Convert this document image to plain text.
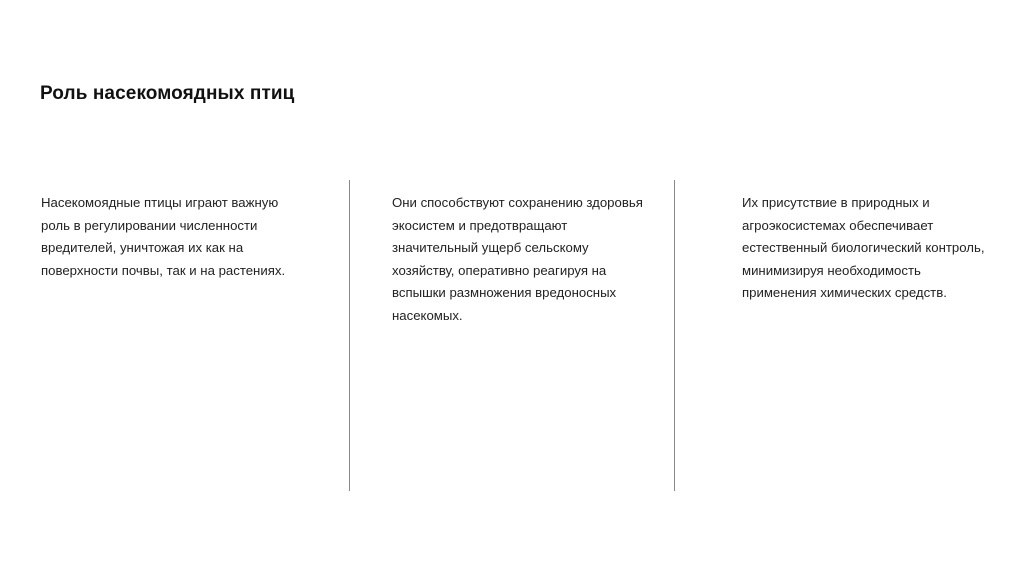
Роль насекомоядных птиц
Насекомоядные птицы играют важную
роль в регулировании численности
вредителей, уничтожая их как на
поверхности почвы, так и на растениях.
Они способствуют сохранению здоровья
экосистем и предотвращают
значительный ущерб сельскому
хозяйству, оперативно реагируя на
вспышки размножения вредоносных
насекомых.
Их присутствие в природных и
агроэкосистемах обеспечивает
естественный биологический контроль,
минимизируя необходимость
применения химических средств.
